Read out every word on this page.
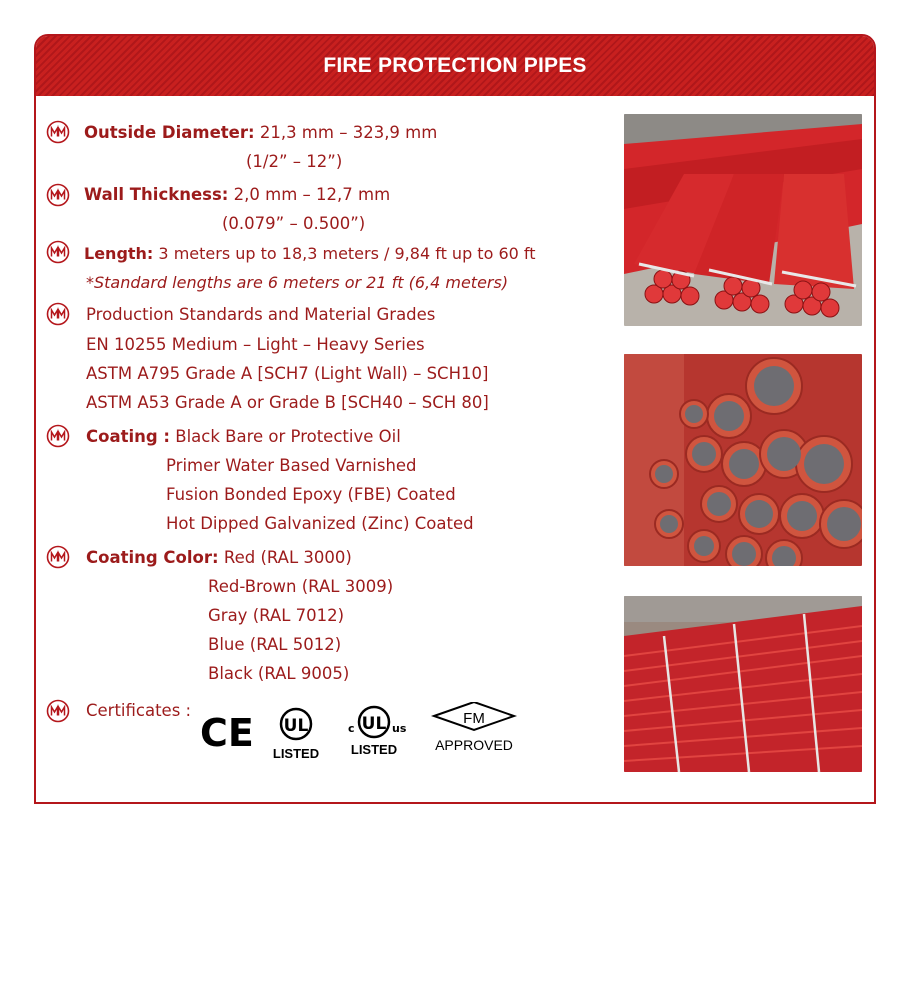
FIRE PROTECTION PIPES
Outside Diameter: 21,3 mm – 323,9 mm
(1/2” – 12”)
Wall Thickness: 2,0 mm – 12,7 mm
(0.079” – 0.500”)
Length: 3 meters up to 18,3 meters / 9,84 ft up to 60 ft
*Standard lengths are 6 meters or 21 ft (6,4 meters)
Production Standards and Material Grades
EN 10255 Medium – Light – Heavy Series
ASTM A795 Grade A [SCH7 (Light Wall) – SCH10]
ASTM A53 Grade A or Grade B [SCH40 – SCH 80]
Coating : Black Bare or Protective Oil
Primer Water Based Varnished
Fusion Bonded Epoxy (FBE) Coated
Hot Dipped Galvanized (Zinc) Coated
Coating Color: Red (RAL 3000)
Red-Brown (RAL 3009)
Gray (RAL 7012)
Blue (RAL 5012)
Black (RAL 9005)
Certificates :
CE UL
LISTED
c UL us
LISTED
FM
APPROVED
